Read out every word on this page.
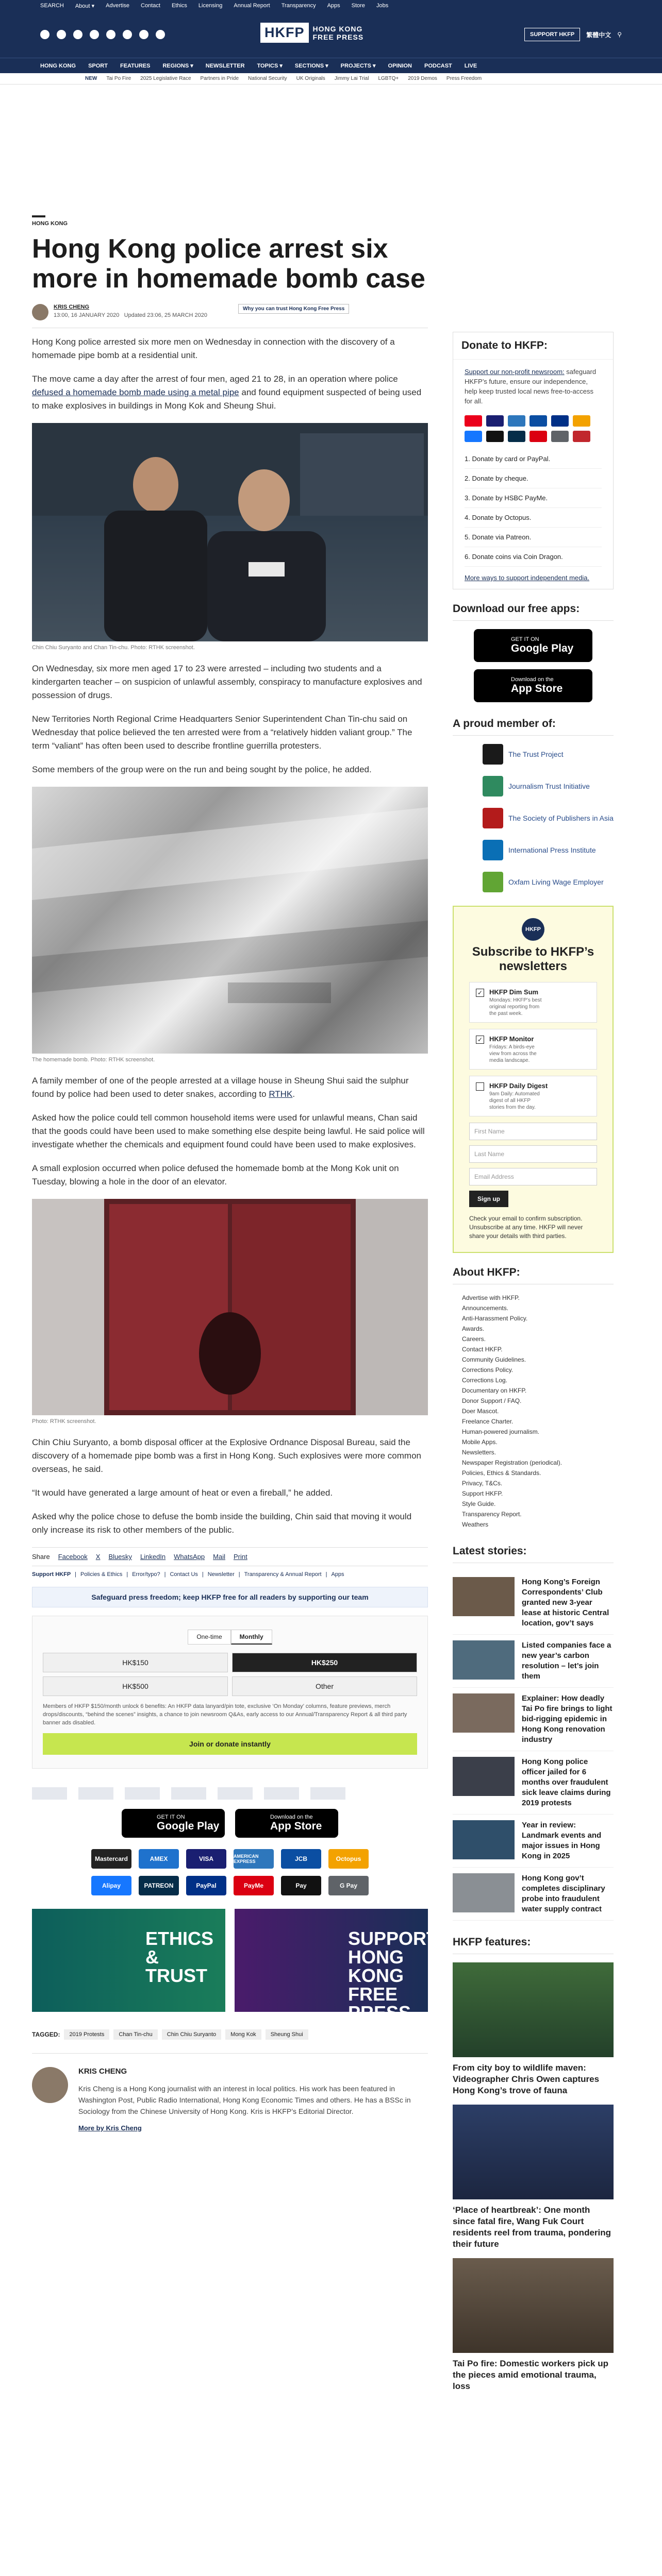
SEARCH About ▾ Advertise Contact Ethics Licensing Annual Report Transparency Apps Store Jobs
HKFP	HONG KONG
FREE PRESS	SUPPORT HKFP	繁體中文 ⚲
HONG KONG SPORT FEATURES REGIONS ▾ NEWSLETTER TOPICS ▾ SECTIONS ▾ PROJECTS ▾ OPINION PODCAST LIVE
NEW Tai Po Fire 2025 Legislative Race Partners in Pride National Security UK Originals Jimmy Lai Trial LGBTQ+ 2019 Demos Press Freedom
HONG KONG
Hong Kong police arrest six more in homemade bomb case
KRIS CHENG
13:00, 16 JANUARY 2020 Updated 23:06, 25 MARCH 2020
Why you can trust Hong Kong Free Press

Hong Kong police arrested six more men on Wednesday in connection with the discovery of a homemade pipe bomb at a residential unit.

The move came a day after the arrest of four men, aged 21 to 28, in an operation where police defused a homemade bomb made using a metal pipe and found equipment suspected of being used to make explosives in buildings in Mong Kok and Sheung Shui.

Chin Chiu Suryanto and Chan Tin-chu. Photo: RTHK screenshot.

On Wednesday, six more men aged 17 to 23 were arrested – including two students and a kindergarten teacher – on suspicion of unlawful assembly, conspiracy to manufacture explosives and possession of drugs.

New Territories North Regional Crime Headquarters Senior Superintendent Chan Tin-chu said on Wednesday that police believed the ten arrested were from a “relatively hidden valiant group.” The term “valiant” has often been used to describe frontline guerrilla protesters.

Some members of the group were on the run and being sought by the police, he added.

The homemade bomb. Photo: RTHK screenshot.

A family member of one of the people arrested at a village house in Sheung Shui said the sulphur found by police had been used to deter snakes, according to RTHK.

Asked how the police could tell common household items were used for unlawful means, Chan said that the goods could have been used to make something else despite being lawful. He said police will investigate whether the chemicals and equipment found could have been used to make explosives.

A small explosion occurred when police defused the homemade bomb at the Mong Kok unit on Tuesday, blowing a hole in the door of an elevator.

Photo: RTHK screenshot.

Chin Chiu Suryanto, a bomb disposal officer at the Explosive Ordnance Disposal Bureau, said the discovery of a homemade pipe bomb was a first in Hong Kong. Such explosives were more common overseas, he said.

“It would have generated a large amount of heat or even a fireball,” he added.

Asked why the police chose to defuse the bomb inside the building, Chin said that moving it would only increase its risk to other members of the public.

Share Facebook X Bluesky LinkedIn WhatsApp Mail Print
Support HKFP | Policies & Ethics | Error/typo? | Contact Us | Newsletter | Transparency & Annual Report | Apps
Safeguard press freedom; keep HKFP free for all readers by supporting our team
One-time	Monthly
HK$150	HK$250
HK$500	Other
Members of HKFP $150/month unlock 6 benefits: An HKFP data lanyard/pin tote, exclusive ‘On Monday’ columns, feature previews, merch drops/discounts, “behind the scenes” insights, a chance to join newsroom Q&As, early access to our Annual/Transparency Report & all third party banner ads disabled.
Join or donate instantly
GET IT ON
Google Play
Download on the
App Store
Mastercard	AMEX	VISA	AMERICAN EXPRESS	JCB	Octopus
Alipay	PATREON	PayPal	PayMe	Pay	G Pay
ETHICS & TRUST
SUPPORT HONG KONG FREE PRESS
TAGGED:	2019 Protests	Chan Tin-chu	Chin Chiu Suryanto	Mong Kok	Sheung Shui
KRIS CHENG

Kris Cheng is a Hong Kong journalist with an interest in local politics. His work has been featured in Washington Post, Public Radio International, Hong Kong Economic Times and others. He has a BSSc in Sociology from the Chinese University of Hong Kong. Kris is HKFP’s Editorial Director.

More by Kris Cheng
Donate to HKFP:
Support our non-profit newsroom: safeguard HKFP’s future, ensure our independence, help keep trusted local news free-to-access for all.
1. Donate by card or PayPal.
2. Donate by cheque.
3. Donate by HSBC PayMe.
4. Donate by Octopus.
5. Donate via Patreon.
6. Donate coins via Coin Dragon.
More ways to support independent media.
Download our free apps:
GET IT ON
Google Play
Download on the
App Store
A proud member of:
The Trust Project
Journalism Trust Initiative
The Society of Publishers in Asia
International Press Institute
Oxfam Living Wage Employer
HKFP
Subscribe to HKFP’s newsletters
✓ HKFP Dim Sum

Mondays: HKFP’s best original reporting from the past week.

✓ HKFP Monitor

Fridays: A birds-eye view from across the media landscape.

HKFP Daily Digest

9am Daily: Automated digest of all HKFP stories from the day.

First Name
Last Name
Email Address
Sign up
Check your email to confirm subscription. Unsubscribe at any time. HKFP will never share your details with third parties.
About HKFP:
Advertise with HKFP.
Announcements.
Anti-Harassment Policy.
Awards.
Careers.
Contact HKFP.
Community Guidelines.
Corrections Policy.
Corrections Log.
Documentary on HKFP.
Donor Support / FAQ.
Doer Mascot.
Freelance Charter.
Human-powered journalism.
Mobile Apps.
Newsletters.
Newspaper Registration (periodical).
Policies, Ethics & Standards.
Privacy, T&Cs.
Support HKFP.
Style Guide.
Transparency Report.
Weathers
Latest stories:
Hong Kong’s Foreign Correspondents’ Club granted new 3-year lease at historic Central location, gov’t says
Listed companies face a new year’s carbon resolution – let’s join them
Explainer: How deadly Tai Po fire brings to light bid-rigging epidemic in Hong Kong renovation industry
Hong Kong police officer jailed for 6 months over fraudulent sick leave claims during 2019 protests
Year in review: Landmark events and major issues in Hong Kong in 2025
Hong Kong gov’t completes disciplinary probe into fraudulent water supply contract
HKFP features:
From city boy to wildlife maven: Videographer Chris Owen captures Hong Kong’s trove of fauna
‘Place of heartbreak’: One month since fatal fire, Wang Fuk Court residents reel from trauma, pondering their future
Tai Po fire: Domestic workers pick up the pieces amid emotional trauma, loss
